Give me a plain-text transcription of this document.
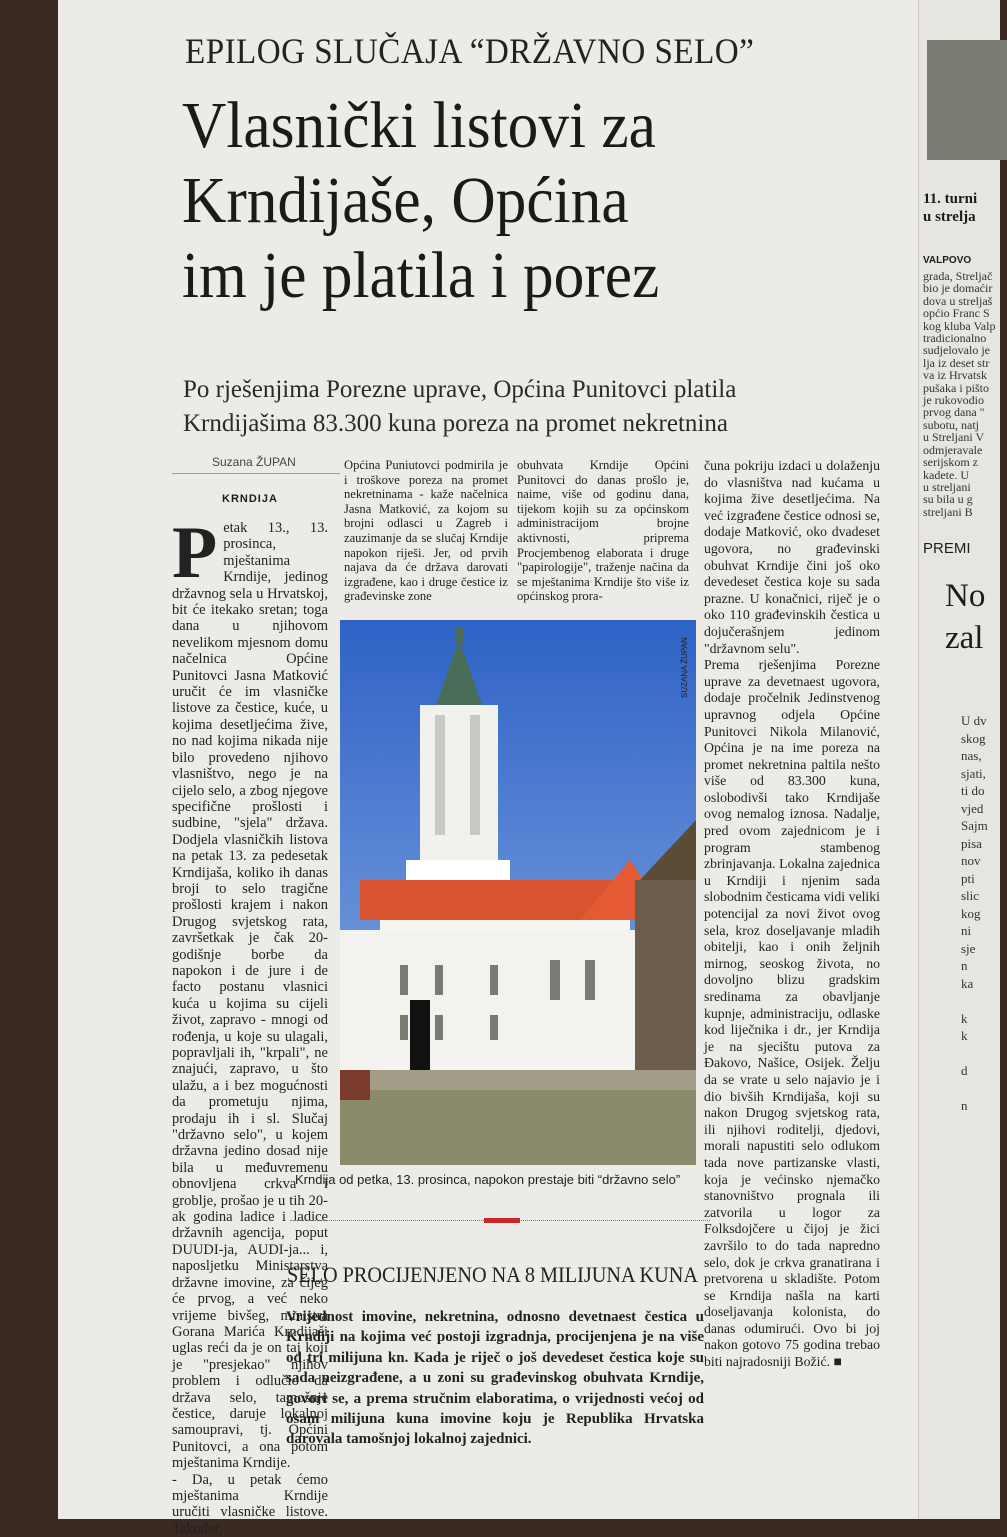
EPILOG SLUČAJA “DRŽAVNO SELO”
Vlasnički listovi za
Krndijaše, Općina
im je platila i porez
Po rješenjima Porezne uprave, Općina Punitovci platila
Krndijašima 83.300 kuna poreza na promet nekretnina
Suzana ŽUPAN
KRNDIJA
P etak 13., 13. prosinca, mještanima Krndije, jedinog državnog sela u Hrvatskoj, bit će itekako sretan; toga dana u njihovom nevelikom mjesnom domu načelnica Općine Punitovci Jasna Matković uručit će im vlasničke listove za čestice, kuće, u kojima desetljećima žive, no nad kojima nikada nije bilo provedeno njihovo vlasništvo, nego je na cijelo selo, a zbog njegove specifične prošlosti i sudbine, "sjela" država. Dodjela vlasničkih listova na petak 13. za pedesetak Krndijaša, koliko ih danas broji to selo tragične prošlosti krajem i nakon Drugog svjetskog rata, završetkak je čak 20-godišnje borbe da napokon i de jure i de facto postanu vlasnici kuća u kojima su cijeli život, zapravo - mnogi od rođenja, u koje su ulagali, popravljali ih, "krpali", ne znajući, zapravo, u što ulažu, a i bez mogućnosti da prometuju njima, prodaju ih i sl. Slučaj "državno selo", u kojem državna jedino dosad nije bila u međuvremenu obnovljena crkva i groblje, prošao je u tih 20-ak godina ladice i ladice državnih agencija, poput DUUDI-ja, AUDI-ja... i, naposljetku Ministarstva državne imovine, za čijeg će prvog, a već neko vrijeme bivšeg, ministra Gorana Marića Krndijaši uglas reći da je on taj koji je "presjekao" njihov problem i odlučio da država selo, tamošnje čestice, daruje lokalnoj samoupravi, tj. Općini Punitovci, a ona potom mještanima Krndije.

- Da, u petak ćemo mještanima Krndije uručiti vlasničke listove. Također,

Općina Puniutovci podmirila je i troškove poreza na promet nekretninama - kaže načelnica Jasna Matković, za kojom su brojni odlasci u Zagreb i zauzimanje da se slučaj Krndije napokon riješi. Jer, od prvih najava da će država darovati izgrađene, kao i druge čestice iz građevinske zone

obuhvata Krndije Općini Punitovci do danas prošlo je, naime, više od godinu dana, tijekom kojih su za općinskom administracijom brojne aktivnosti, priprema Procjembenog elaborata i druge "papirologije", traženje načina da se mještanima Krndije što više iz općinskog prora-

čuna pokriju izdaci u dolaženju do vlasništva nad kućama u kojima žive desetljećima. Na već izgrađene čestice odnosi se, dodaje Matković, oko dvadeset ugovora, no građevinski obuhvat Krndije čini još oko devedeset čestica koje su sada prazne. U konačnici, riječ je o oko 110 građevinskih čestica u dojučerašnjem jedinom "državnom selu".

Prema rješenjima Porezne uprave za devetnaest ugovora, dodaje pročelnik Jedinstvenog upravnog odjela Općine Punitovci Nikola Milanović, Općina je na ime poreza na promet nekretnina paltila nešto više od 83.300 kuna, oslobodivši tako Krndijaše ovog nemalog iznosa. Nadalje, pred ovom zajednicom je i program stambenog zbrinjavanja. Lokalna zajednica u Krndiji i njenim sada slobodnim česticama vidi veliki potencijal za novi život ovog sela, kroz doseljavanje mladih obitelji, kao i onih željnih mirnog, seoskog života, no dovoljno blizu gradskim sredinama za obavljanje kupnje, administraciju, odlaske kod liječnika i dr., jer Krndija je na sjecištu putova za Đakovo, Našice, Osijek. Želju da se vrate u selo najavio je i dio bivših Krndijaša, koji su nakon Drugog svjetskog rata, ili njihovi roditelji, djedovi, morali napustiti selo odlukom tada nove partizanske vlasti, koja je većinsko njemačko stanovništvo prognala ili zatvorila u logor za Folksdojčere u čijoj je žici završilo to do tada napredno selo, dok je crkva granatirana i pretvorena u skladište. Potom se Krndija našla na karti doseljavanja kolonista, do danas odumirući. Ovo bi joj nakon gotovo 75 godina trebao biti najradosniji Božić. ■

SUZANA ŽUPAN
Krndija od petka, 13. prosinca, napokon prestaje biti “državno selo”
SELO PROCIJENJENO NA 8 MILIJUNA KUNA
Vrijednost imovine, nekretnina, odnosno devetnaest čestica u Krndiji na kojima već postoji izgradnja, procijenjena je na više od tri milijuna kn. Kada je riječ o još devedeset čestica koje su sada neizgrađene, a u zoni su građevinskog obuhvata Krndije, govori se, a prema stručnim elaboratima, o vrijednosti većoj od osam milijuna kuna imovine koju je Republika Hrvatska darovala tamošnjoj lokalnoj zajednici.
11. turni
u strelja
VALPOVO
grada, Streljač
bio je domaćir
dova u streljaš
općio Franc S
kog kluba Valp
tradicionalno
sudjelovalo je
lja iz deset str
va iz Hrvatsk
pušaka i pišto
je rukovodio
prvog dana "
subotu, natj
u Streljani V
odmjeravale
serijskom z
kadete. U
u streljani
su bila u g
streljani B
PREMI
No
zal
U dv
skog
nas,
sjati,
ti do
vjed
Sajm
pisa
nov
pti
slic
kog
ni
sje
n
ka

k
k

d

n
